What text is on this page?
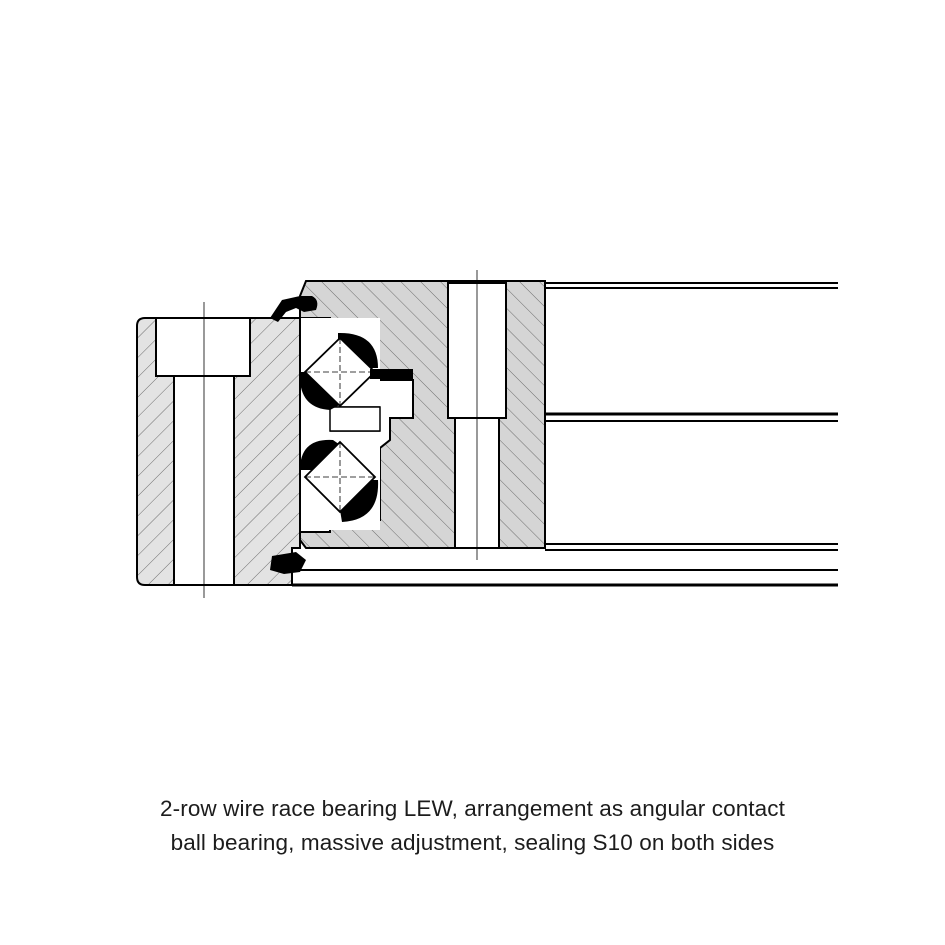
2-row wire race bearing LEW, arrangement as angular contact
ball bearing, massive adjustment, sealing S10 on both sides
